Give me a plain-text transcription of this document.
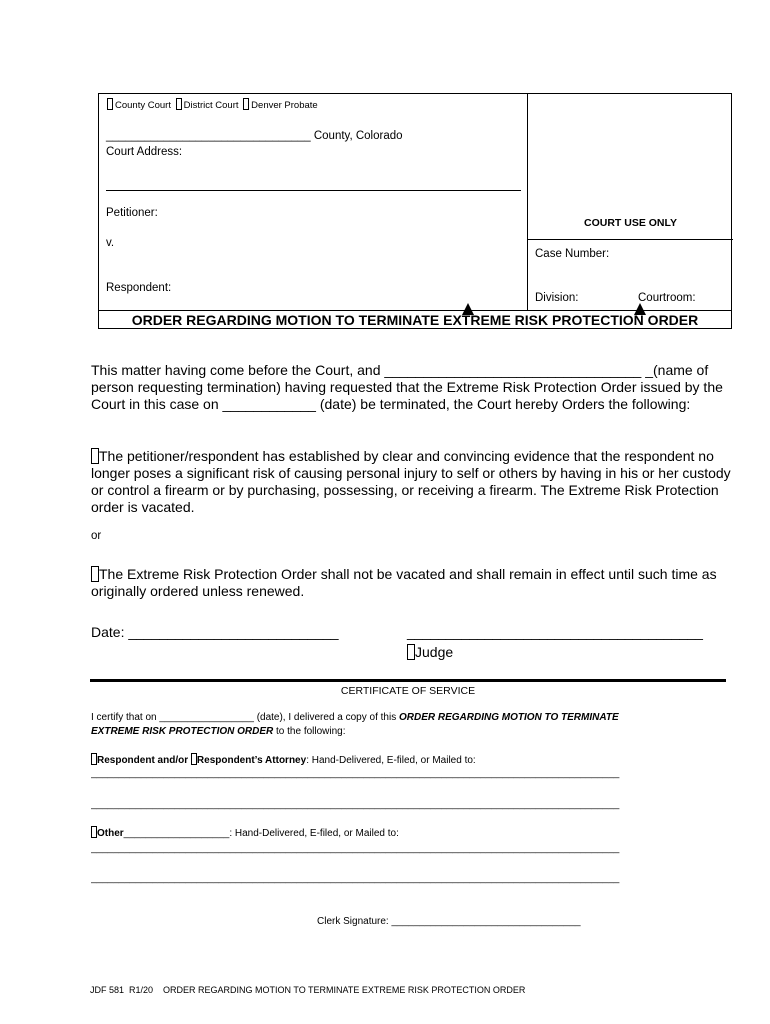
County Court District Court Denver Probate
________________________________ County, Colorado
Court Address:
Petitioner:
v.
Respondent:
COURT USE ONLY
Case Number:
Division:	Courtroom:
ORDER REGARDING MOTION TO TERMINATE EXTREME RISK PROTECTION ORDER
This matter having come before the Court, and _________________________________ _(name of
person requesting termination) having requested that the Extreme Risk Protection Order issued by the
Court in this case on ____________ (date) be terminated, the Court hereby Orders the following:
The petitioner/respondent has established by clear and convincing evidence that the respondent no
longer poses a significant risk of causing personal injury to self or others by having in his or her custody
or control a firearm or by purchasing, possessing, or receiving a firearm. The Extreme Risk Protection
order is vacated.
or
The Extreme Risk Protection Order shall not be vacated and shall remain in effect until such time as
originally ordered unless renewed.
Date: ___________________________	______________________________________
Judge
CERTIFICATE OF SERVICE
I certify that on _________________ (date), I delivered a copy of this ORDER REGARDING MOTION TO TERMINATE
EXTREME RISK PROTECTION ORDER to the following:
Respondent and/or Respondent’s Attorney: Hand-Delivered, E-filed, or Mailed to:
_______________________________________________________________________________________________
_______________________________________________________________________________________________
Other___________________: Hand-Delivered, E-filed, or Mailed to:
_______________________________________________________________________________________________
_______________________________________________________________________________________________
Clerk Signature: __________________________________
JDF 581  R1/20    ORDER REGARDING MOTION TO TERMINATE EXTREME RISK PROTECTION ORDER
